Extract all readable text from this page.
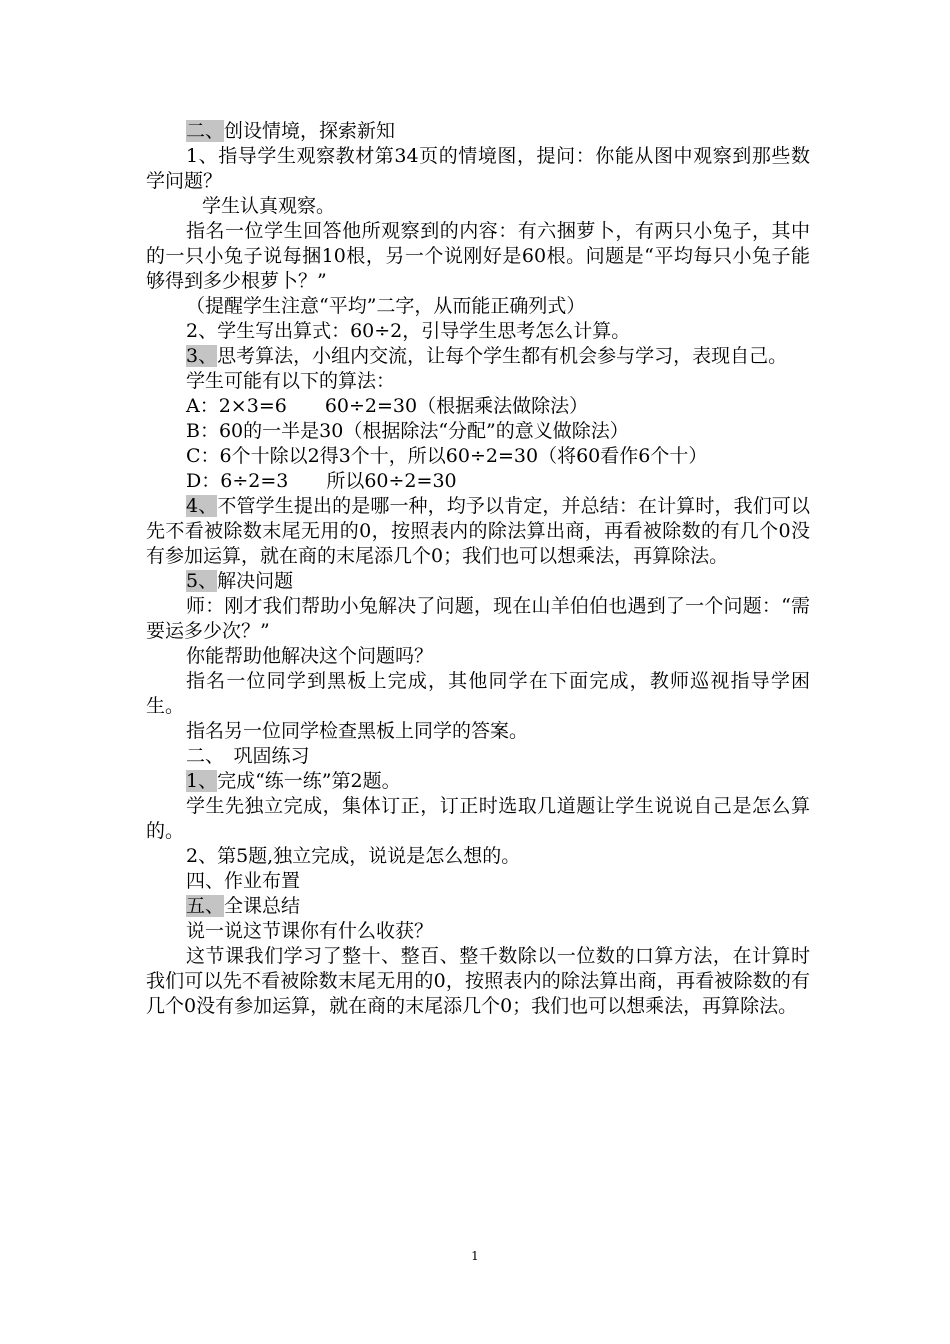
二、创设情境，探索新知

1、指导学生观察教材第34页的情境图，提问：你能从图中观察到那些数学问题？

学生认真观察。

指名一位学生回答他所观察到的内容：有六捆萝卜，有两只小兔子，其中的一只小兔子说每捆10根，另一个说刚好是60根。问题是“平均每只小兔子能够得到多少根萝卜？”

（提醒学生注意“平均”二字，从而能正确列式）

2、学生写出算式：60÷2，引导学生思考怎么计算。

3、思考算法，小组内交流，让每个学生都有机会参与学习，表现自己。

学生可能有以下的算法：

A：2×3=6　　60÷2=30（根据乘法做除法）

B：60的一半是30（根据除法“分配”的意义做除法）

C：6个十除以2得3个十，所以60÷2=30（将60看作6个十）

D：6÷2=3　　所以60÷2=30

4、不管学生提出的是哪一种，均予以肯定，并总结：在计算时，我们可以先不看被除数末尾无用的0，按照表内的除法算出商，再看被除数的有几个0没有参加运算，就在商的末尾添几个0；我们也可以想乘法，再算除法。

5、解决问题

师：刚才我们帮助小兔解决了问题，现在山羊伯伯也遇到了一个问题：“需要运多少次？”

你能帮助他解决这个问题吗？

指名一位同学到黑板上完成，其他同学在下面完成，教师巡视指导学困生。

指名另一位同学检查黑板上同学的答案。

二、　巩固练习

1、完成“练一练”第2题。

学生先独立完成，集体订正，订正时选取几道题让学生说说自己是怎么算的。

2、第5题,独立完成，说说是怎么想的。

四、作业布置

五、全课总结

说一说这节课你有什么收获？

这节课我们学习了整十、整百、整千数除以一位数的口算方法，在计算时我们可以先不看被除数末尾无用的0，按照表内的除法算出商，再看被除数的有几个0没有参加运算，就在商的末尾添几个0；我们也可以想乘法，再算除法。

1
